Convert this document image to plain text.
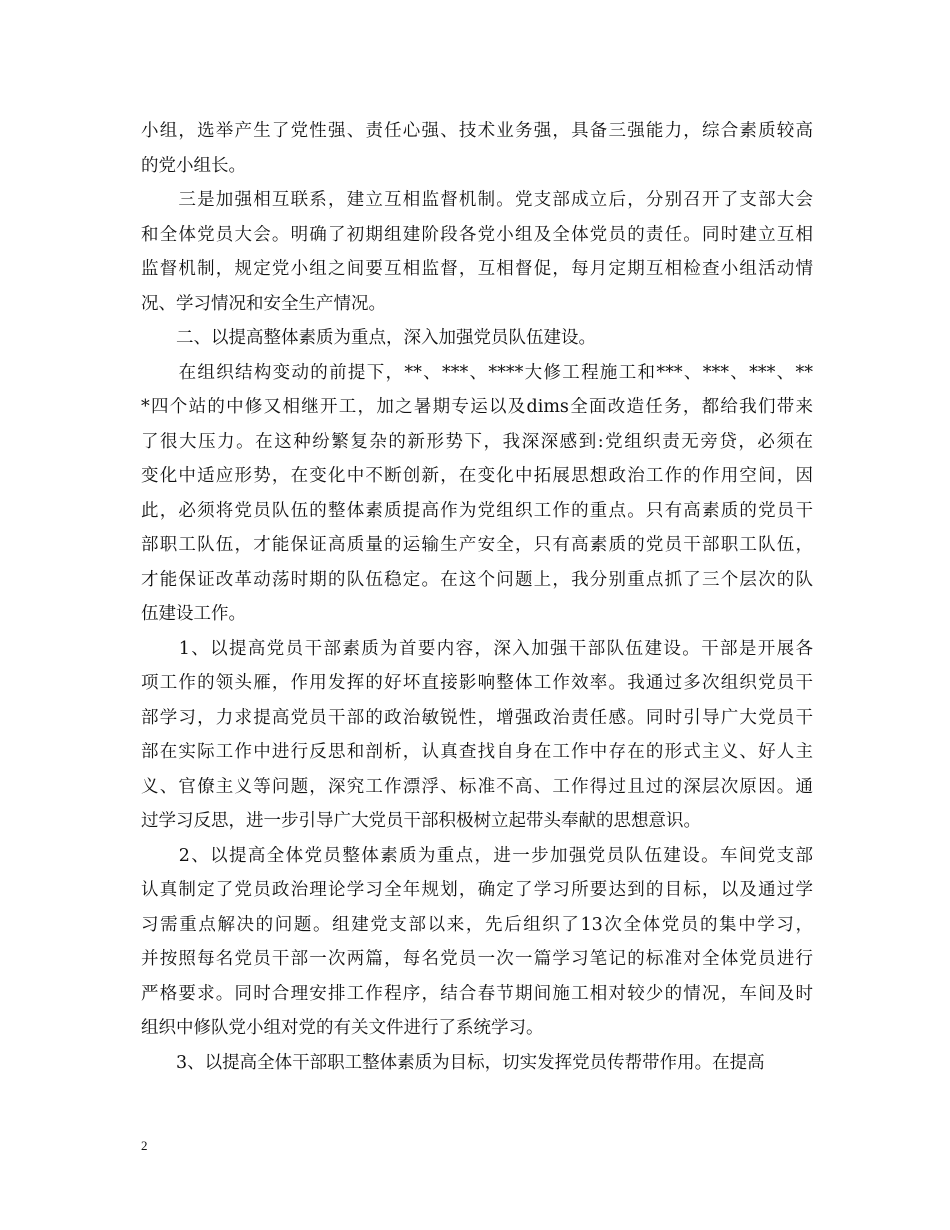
小组，选举产生了党性强、责任心强、技术业务强，具备三强能力，综合素质较高
的党小组长。
　　三是加强相互联系，建立互相监督机制。党支部成立后，分别召开了支部大会
和全体党员大会。明确了初期组建阶段各党小组及全体党员的责任。同时建立互相
监督机制，规定党小组之间要互相监督，互相督促，每月定期互相检查小组活动情
况、学习情况和安全生产情况。
　　二、以提高整体素质为重点，深入加强党员队伍建设。
　　在组织结构变动的前提下，**、***、****大修工程施工和***、***、***、**
*四个站的中修又相继开工，加之暑期专运以及dims全面改造任务，都给我们带来
了很大压力。在这种纷繁复杂的新形势下，我深深感到:党组织责无旁贷，必须在
变化中适应形势，在变化中不断创新，在变化中拓展思想政治工作的作用空间，因
此，必须将党员队伍的整体素质提高作为党组织工作的重点。只有高素质的党员干
部职工队伍，才能保证高质量的运输生产安全，只有高素质的党员干部职工队伍，
才能保证改革动荡时期的队伍稳定。在这个问题上，我分别重点抓了三个层次的队
伍建设工作。
　　1、以提高党员干部素质为首要内容，深入加强干部队伍建设。干部是开展各
项工作的领头雁，作用发挥的好坏直接影响整体工作效率。我通过多次组织党员干
部学习，力求提高党员干部的政治敏锐性，增强政治责任感。同时引导广大党员干
部在实际工作中进行反思和剖析，认真查找自身在工作中存在的形式主义、好人主
义、官僚主义等问题，深究工作漂浮、标准不高、工作得过且过的深层次原因。通
过学习反思，进一步引导广大党员干部积极树立起带头奉献的思想意识。
　　2、以提高全体党员整体素质为重点，进一步加强党员队伍建设。车间党支部
认真制定了党员政治理论学习全年规划，确定了学习所要达到的目标，以及通过学
习需重点解决的问题。组建党支部以来，先后组织了13次全体党员的集中学习，
并按照每名党员干部一次两篇，每名党员一次一篇学习笔记的标准对全体党员进行
严格要求。同时合理安排工作程序，结合春节期间施工相对较少的情况，车间及时
组织中修队党小组对党的有关文件进行了系统学习。
　　3、以提高全体干部职工整体素质为目标，切实发挥党员传帮带作用。在提高
2
